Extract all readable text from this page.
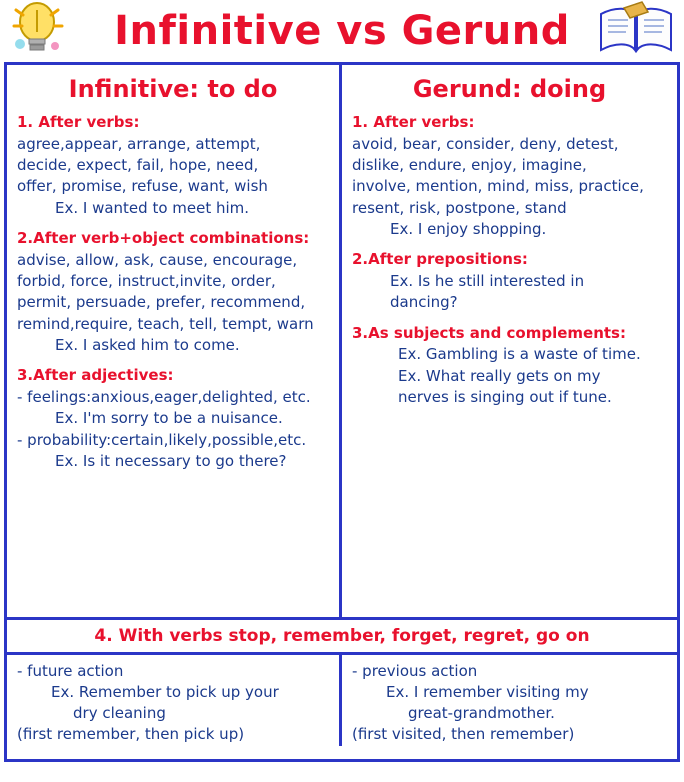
Infinitive vs Gerund
Infinitive: to do
1. After verbs:
agree,appear, arrange, attempt,
decide, expect, fail, hope, need,
offer, promise, refuse, want, wish
Ex. I wanted to meet him.
2.After verb+object combinations:
advise, allow, ask, cause, encourage,
forbid, force, instruct,invite, order,
permit, persuade, prefer, recommend,
remind,require, teach, tell, tempt, warn
Ex. I asked him to come.
3.After adjectives:
- feelings:anxious,eager,delighted, etc.
Ex. I'm sorry to be a nuisance.
- probability:certain,likely,possible,etc.
Ex. Is it necessary to go there?
Gerund: doing
1. After verbs:
avoid, bear, consider, deny, detest,
dislike, endure, enjoy, imagine,
involve, mention, mind, miss, practice,
resent, risk, postpone, stand
Ex. I enjoy shopping.
2.After prepositions:
Ex. Is he still interested in
dancing?
3.As subjects and complements:
Ex. Gambling is a waste of time.
Ex. What really gets on my
nerves is singing out if tune.
4. With verbs stop, remember, forget, regret, go on
- future action
Ex. Remember to pick up your
dry cleaning
(first remember, then pick up)
- previous action
Ex. I remember visiting my
great-grandmother.
(first visited, then remember)
